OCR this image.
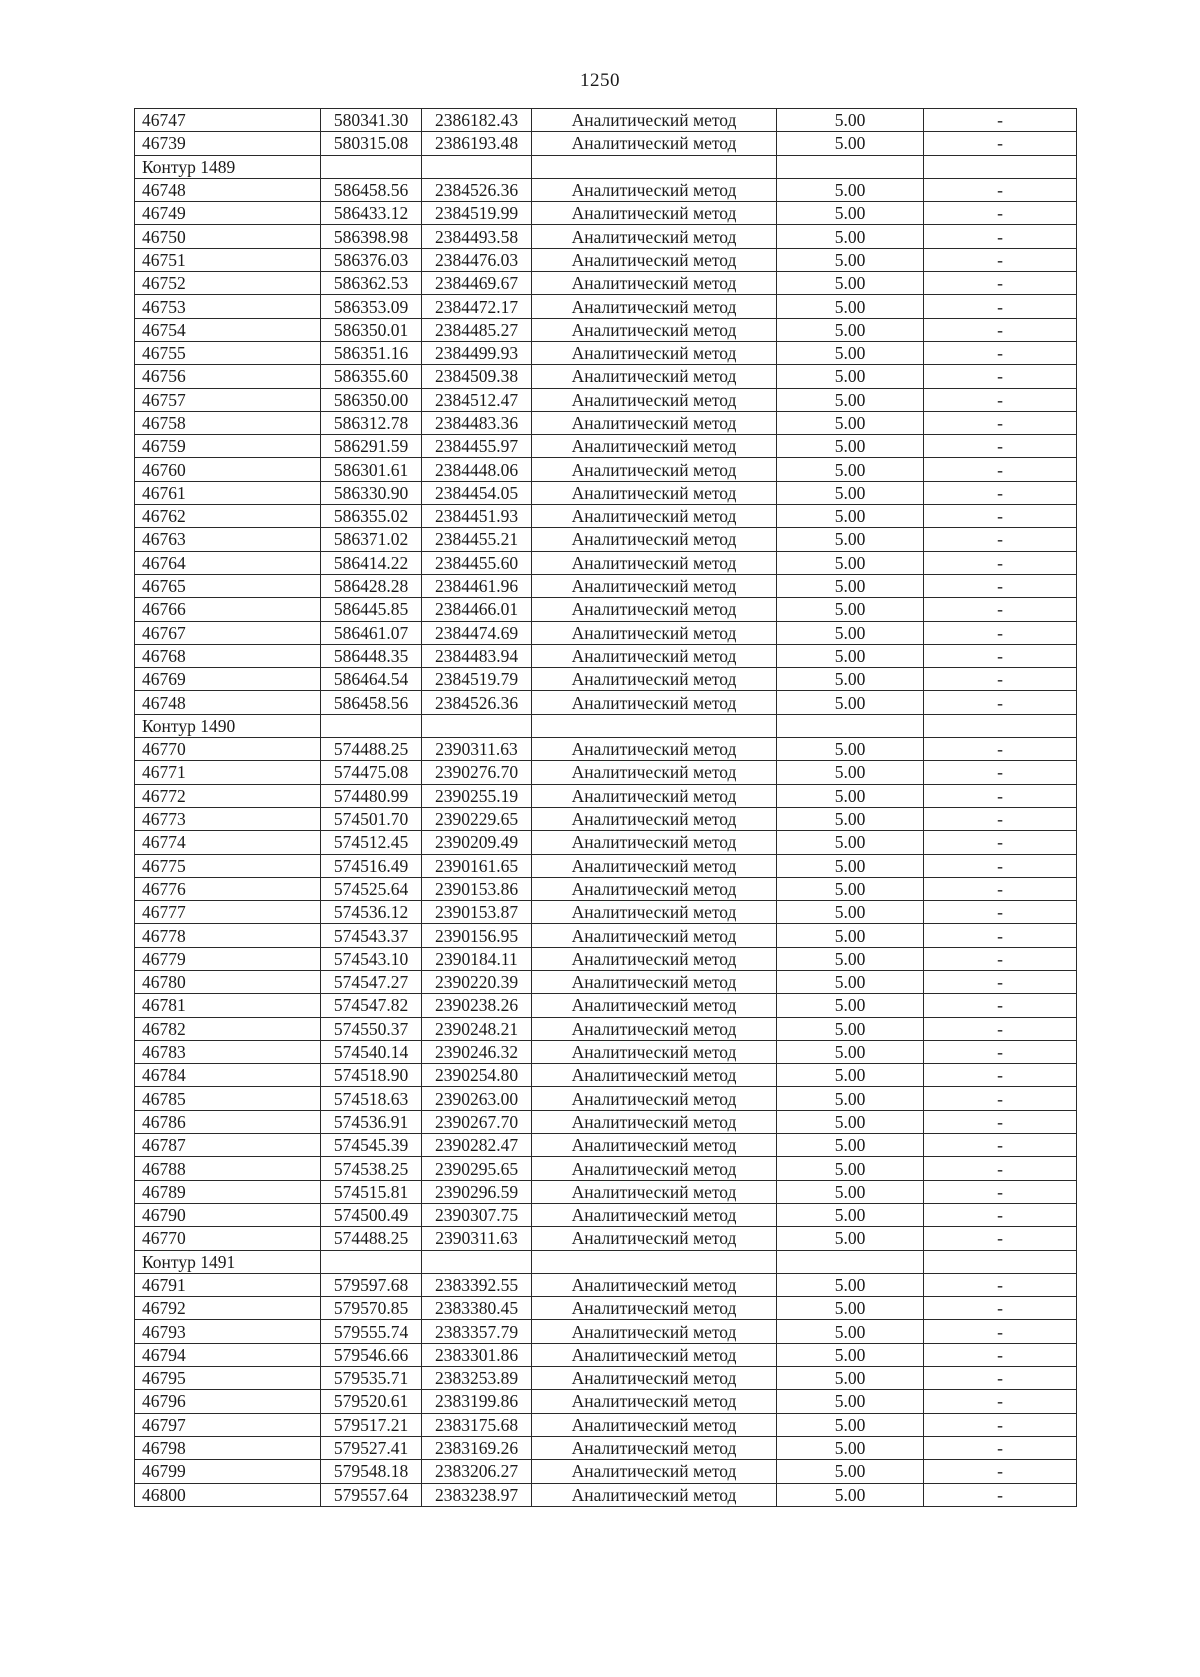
1250
46747	580341.30	2386182.43	Аналитический метод	5.00	-
46739	580315.08	2386193.48	Аналитический метод	5.00	-
Контур 1489					
46748	586458.56	2384526.36	Аналитический метод	5.00	-
46749	586433.12	2384519.99	Аналитический метод	5.00	-
46750	586398.98	2384493.58	Аналитический метод	5.00	-
46751	586376.03	2384476.03	Аналитический метод	5.00	-
46752	586362.53	2384469.67	Аналитический метод	5.00	-
46753	586353.09	2384472.17	Аналитический метод	5.00	-
46754	586350.01	2384485.27	Аналитический метод	5.00	-
46755	586351.16	2384499.93	Аналитический метод	5.00	-
46756	586355.60	2384509.38	Аналитический метод	5.00	-
46757	586350.00	2384512.47	Аналитический метод	5.00	-
46758	586312.78	2384483.36	Аналитический метод	5.00	-
46759	586291.59	2384455.97	Аналитический метод	5.00	-
46760	586301.61	2384448.06	Аналитический метод	5.00	-
46761	586330.90	2384454.05	Аналитический метод	5.00	-
46762	586355.02	2384451.93	Аналитический метод	5.00	-
46763	586371.02	2384455.21	Аналитический метод	5.00	-
46764	586414.22	2384455.60	Аналитический метод	5.00	-
46765	586428.28	2384461.96	Аналитический метод	5.00	-
46766	586445.85	2384466.01	Аналитический метод	5.00	-
46767	586461.07	2384474.69	Аналитический метод	5.00	-
46768	586448.35	2384483.94	Аналитический метод	5.00	-
46769	586464.54	2384519.79	Аналитический метод	5.00	-
46748	586458.56	2384526.36	Аналитический метод	5.00	-
Контур 1490					
46770	574488.25	2390311.63	Аналитический метод	5.00	-
46771	574475.08	2390276.70	Аналитический метод	5.00	-
46772	574480.99	2390255.19	Аналитический метод	5.00	-
46773	574501.70	2390229.65	Аналитический метод	5.00	-
46774	574512.45	2390209.49	Аналитический метод	5.00	-
46775	574516.49	2390161.65	Аналитический метод	5.00	-
46776	574525.64	2390153.86	Аналитический метод	5.00	-
46777	574536.12	2390153.87	Аналитический метод	5.00	-
46778	574543.37	2390156.95	Аналитический метод	5.00	-
46779	574543.10	2390184.11	Аналитический метод	5.00	-
46780	574547.27	2390220.39	Аналитический метод	5.00	-
46781	574547.82	2390238.26	Аналитический метод	5.00	-
46782	574550.37	2390248.21	Аналитический метод	5.00	-
46783	574540.14	2390246.32	Аналитический метод	5.00	-
46784	574518.90	2390254.80	Аналитический метод	5.00	-
46785	574518.63	2390263.00	Аналитический метод	5.00	-
46786	574536.91	2390267.70	Аналитический метод	5.00	-
46787	574545.39	2390282.47	Аналитический метод	5.00	-
46788	574538.25	2390295.65	Аналитический метод	5.00	-
46789	574515.81	2390296.59	Аналитический метод	5.00	-
46790	574500.49	2390307.75	Аналитический метод	5.00	-
46770	574488.25	2390311.63	Аналитический метод	5.00	-
Контур 1491					
46791	579597.68	2383392.55	Аналитический метод	5.00	-
46792	579570.85	2383380.45	Аналитический метод	5.00	-
46793	579555.74	2383357.79	Аналитический метод	5.00	-
46794	579546.66	2383301.86	Аналитический метод	5.00	-
46795	579535.71	2383253.89	Аналитический метод	5.00	-
46796	579520.61	2383199.86	Аналитический метод	5.00	-
46797	579517.21	2383175.68	Аналитический метод	5.00	-
46798	579527.41	2383169.26	Аналитический метод	5.00	-
46799	579548.18	2383206.27	Аналитический метод	5.00	-
46800	579557.64	2383238.97	Аналитический метод	5.00	-
